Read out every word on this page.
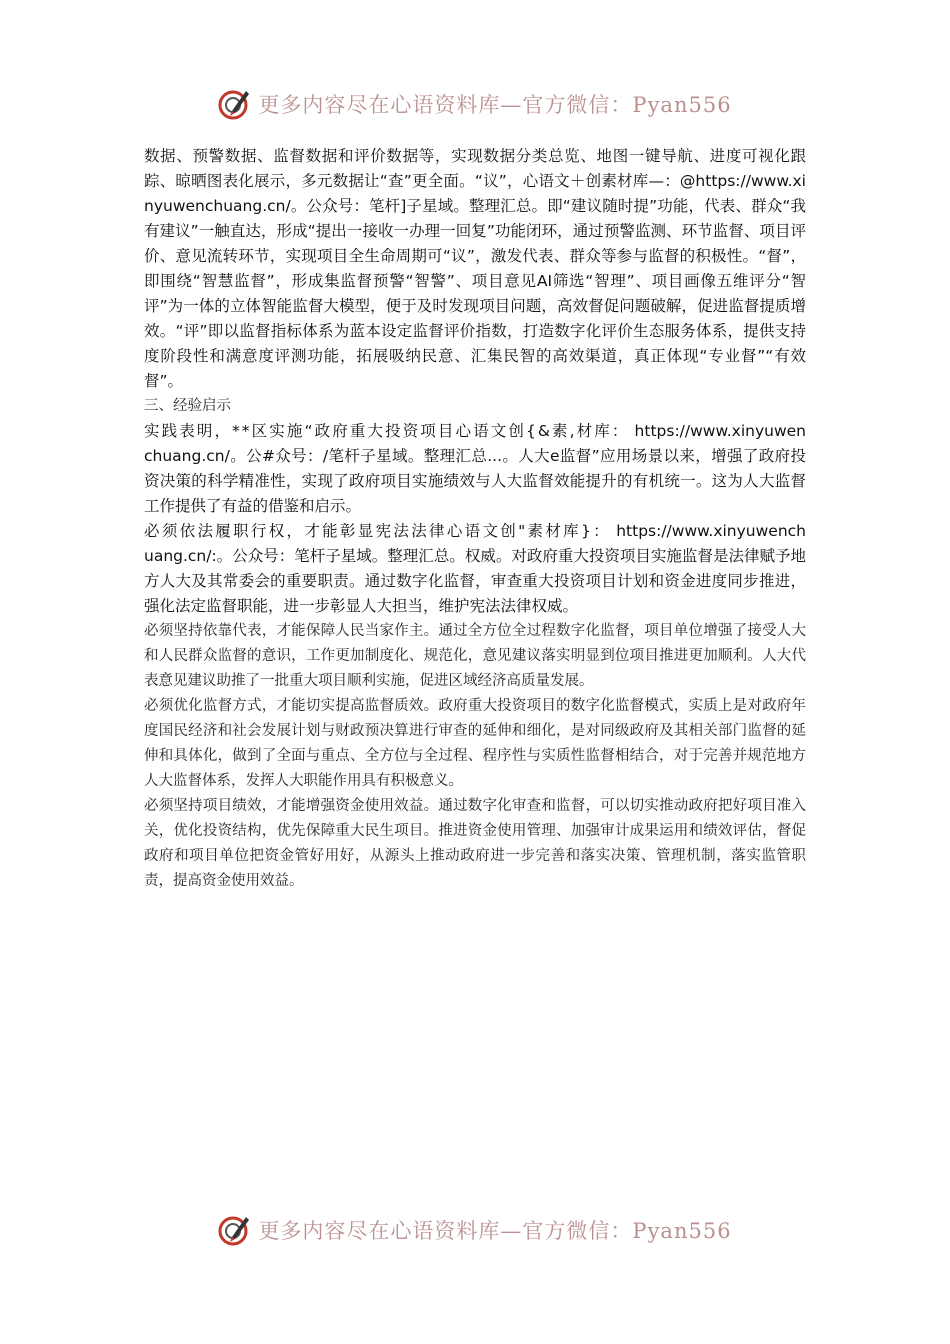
更多内容尽在心语资料库—官方微信：Pyan556

数据、预警数据、监督数据和评价数据等，实现数据分类总览、地图一键导航、进度可视化跟踪、晾晒图表化展示，多元数据让“查”更全面。“议”，心语文＋创素材库—：@https://www.xinyuwenchuang.cn/。公众号：笔杆]子星域。整理汇总。即“建议随时提”功能，代表、群众“我有建议”一触直达，形成“提出一接收一办理一回复”功能闭环，通过预警监测、环节监督、项目评价、意见流转环节，实现项目全生命周期可“议”，激发代表、群众等参与监督的积极性。“督”，即围绕“智慧监督”，形成集监督预警“智警”、项目意见AI筛选“智理”、项目画像五维评分“智评”为一体的立体智能监督大模型，便于及时发现项目问题，高效督促问题破解，促进监督提质增效。“评”即以监督指标体系为蓝本设定监督评价指数，打造数字化评价生态服务体系，提供支持度阶段性和满意度评测功能，拓展吸纳民意、汇集民智的高效渠道，真正体现“专业督”“有效督”。

三、经验启示

实践表明，**区实施“政府重大投资项目心语文创{&素,材库： https://www.xinyuwenchuang.cn/。公#众号：/笔杆子星域。整理汇总...。人大e监督”应用场景以来，增强了政府投资决策的科学精准性，实现了政府项目实施绩效与人大监督效能提升的有机统一。这为人大监督工作提供了有益的借鉴和启示。

必须依法履职行权，才能彰显宪法法律心语文创"素材库}： https://www.xinyuwenchuang.cn/:。公众号：笔杆子星域。整理汇总。权威。对政府重大投资项目实施监督是法律赋予地方人大及其常委会的重要职责。通过数字化监督，审查重大投资项目计划和资金进度同步推进，强化法定监督职能，进一步彰显人大担当，维护宪法法律权威。

必须坚持依靠代表，才能保障人民当家作主。通过全方位全过程数字化监督，项目单位增强了接受人大和人民群众监督的意识，工作更加制度化、规范化，意见建议落实明显到位项目推进更加顺利。人大代表意见建议助推了一批重大项目顺利实施，促进区域经济高质量发展。

必须优化监督方式，才能切实提高监督质效。政府重大投资项目的数字化监督模式，实质上是对政府年度国民经济和社会发展计划与财政预决算进行审查的延伸和细化，是对同级政府及其相关部门监督的延伸和具体化，做到了全面与重点、全方位与全过程、程序性与实质性监督相结合，对于完善并规范地方人大监督体系，发挥人大职能作用具有积极意义。

必须坚持项目绩效，才能增强资金使用效益。通过数字化审查和监督，可以切实推动政府把好项目准入关，优化投资结构，优先保障重大民生项目。推进资金使用管理、加强审计成果运用和绩效评估，督促政府和项目单位把资金管好用好，从源头上推动政府进一步完善和落实决策、管理机制，落实监管职责，提高资金使用效益。

更多内容尽在心语资料库—官方微信：Pyan556
